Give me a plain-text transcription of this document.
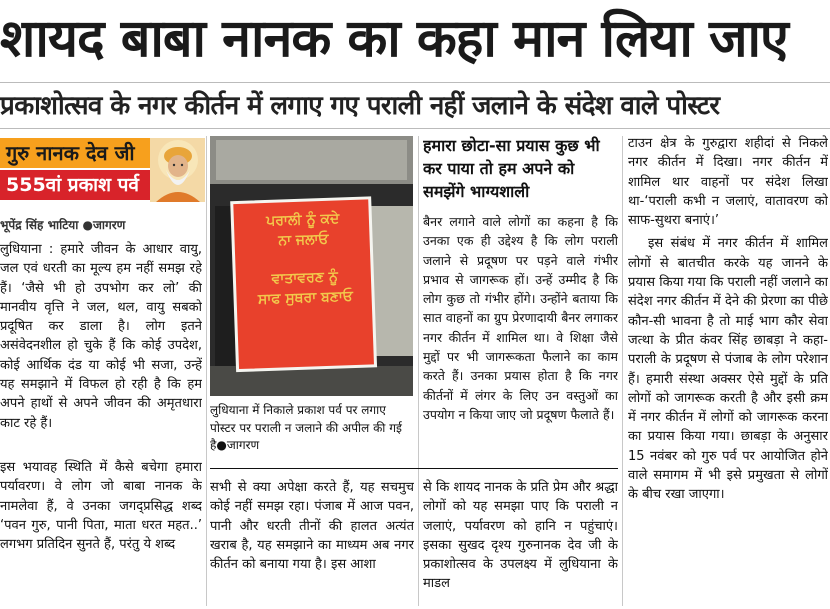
शायद बाबा नानक का कहा मान लिया जाए
प्रकाशोत्सव के नगर कीर्तन में लगाए गए पराली नहीं जलाने के संदेश वाले पोस्टर
गुरु नानक देव जी
555वां प्रकाश पर्व
भूपेंद्र सिंह भाटिया ●जागरण

लुधियाना : हमारे जीवन के आधार वायु, जल एवं धरती का मूल्य हम नहीं समझ रहे हैं। ‘जैसे भी हो उपभोग कर लो’ की मानवीय वृत्ति ने जल, थल, वायु सबको प्रदूषित कर डाला है। लोग इतने असंवेदनशील हो चुके हैं कि कोई उपदेश, कोई आर्थिक दंड या कोई भी सजा, उन्हें यह समझाने में विफल हो रही है कि हम अपने हाथों से अपने जीवन की अमृतधारा काट रहे हैं।

ਪਰਾਲੀ ਨੂੰ ਕਦੇ
ਨਾ ਜਲਾਓ
ਵਾਤਾਵਰਣ ਨੂੰ
ਸਾਫ ਸੁਥਰਾ ਬਣਾਓ
लुधियाना में निकाले प्रकाश पर्व पर लगाए पोस्टर पर पराली न जलाने की अपील की गई है●जागरण
हमारा छोटा-सा प्रयास कुछ भी कर पाया तो हम अपने को समझेंगे भाग्यशाली

बैनर लगाने वाले लोगों का कहना है कि उनका एक ही उद्देश्य है कि लोग पराली जलाने से प्रदूषण पर पड़ने वाले गंभीर प्रभाव से जागरूक हों। उन्हें उम्मीद है कि लोग कुछ तो गंभीर होंगे। उन्होंने बताया कि सात वाहनों का ग्रुप प्रेरणादायी बैनर लगाकर नगर कीर्तन में शामिल था। वे शिक्षा जैसे मुद्दों पर भी जागरूकता फैलाने का काम करते हैं। उनका प्रयास होता है कि नगर कीर्तनों में लंगर के लिए उन वस्तुओं का उपयोग न किया जाए जो प्रदूषण फैलाते हैं।

इस भयावह स्थिति में कैसे बचेगा हमारा पर्यावरण। वे लोग जो बाबा नानक के नामलेवा हैं, वे उनका जगद्प्रसिद्ध शब्द ‘पवन गुरु, पानी पिता, माता धरत महत..’ लगभग प्रतिदिन सुनते हैं, परंतु ये शब्द

सभी से क्या अपेक्षा करते हैं, यह सचमुच कोई नहीं समझ रहा। पंजाब में आज पवन, पानी और धरती तीनों की हालत अत्यंत खराब है, यह समझाने का माध्यम अब नगर कीर्तन को बनाया गया है। इस आशा

से कि शायद नानक के प्रति प्रेम और श्रद्धा लोगों को यह समझा पाए कि पराली न जलाएं, पर्यावरण को हानि न पहुंचाएं। इसका सुखद दृश्य गुरुनानक देव जी के प्रकाशोत्सव के उपलक्ष्य में लुधियाना के माडल

टाउन क्षेत्र के गुरुद्वारा शहीदां से निकले नगर कीर्तन में दिखा। नगर कीर्तन में शामिल थार वाहनों पर संदेश लिखा था-‘पराली कभी न जलाएं, वातावरण को साफ-सुथरा बनाएं।’

इस संबंध में नगर कीर्तन में शामिल लोगों से बातचीत करके यह जानने के प्रयास किया गया कि पराली नहीं जलाने का संदेश नगर कीर्तन में देने की प्रेरणा का पीछे कौन-सी भावना है तो माई भाग कौर सेवा जत्था के प्रीत कंवर सिंह छाबड़ा ने कहा-पराली के प्रदूषण से पंजाब के लोग परेशान हैं। हमारी संस्था अक्सर ऐसे मुद्दों के प्रति लोगों को जागरूक करती है और इसी क्रम में नगर कीर्तन में लोगों को जागरूक करना का प्रयास किया गया। छाबड़ा के अनुसार 15 नवंबर को गुरु पर्व पर आयोजित होने वाले समागम में भी इसे प्रमुखता से लोगों के बीच रखा जाएगा।
